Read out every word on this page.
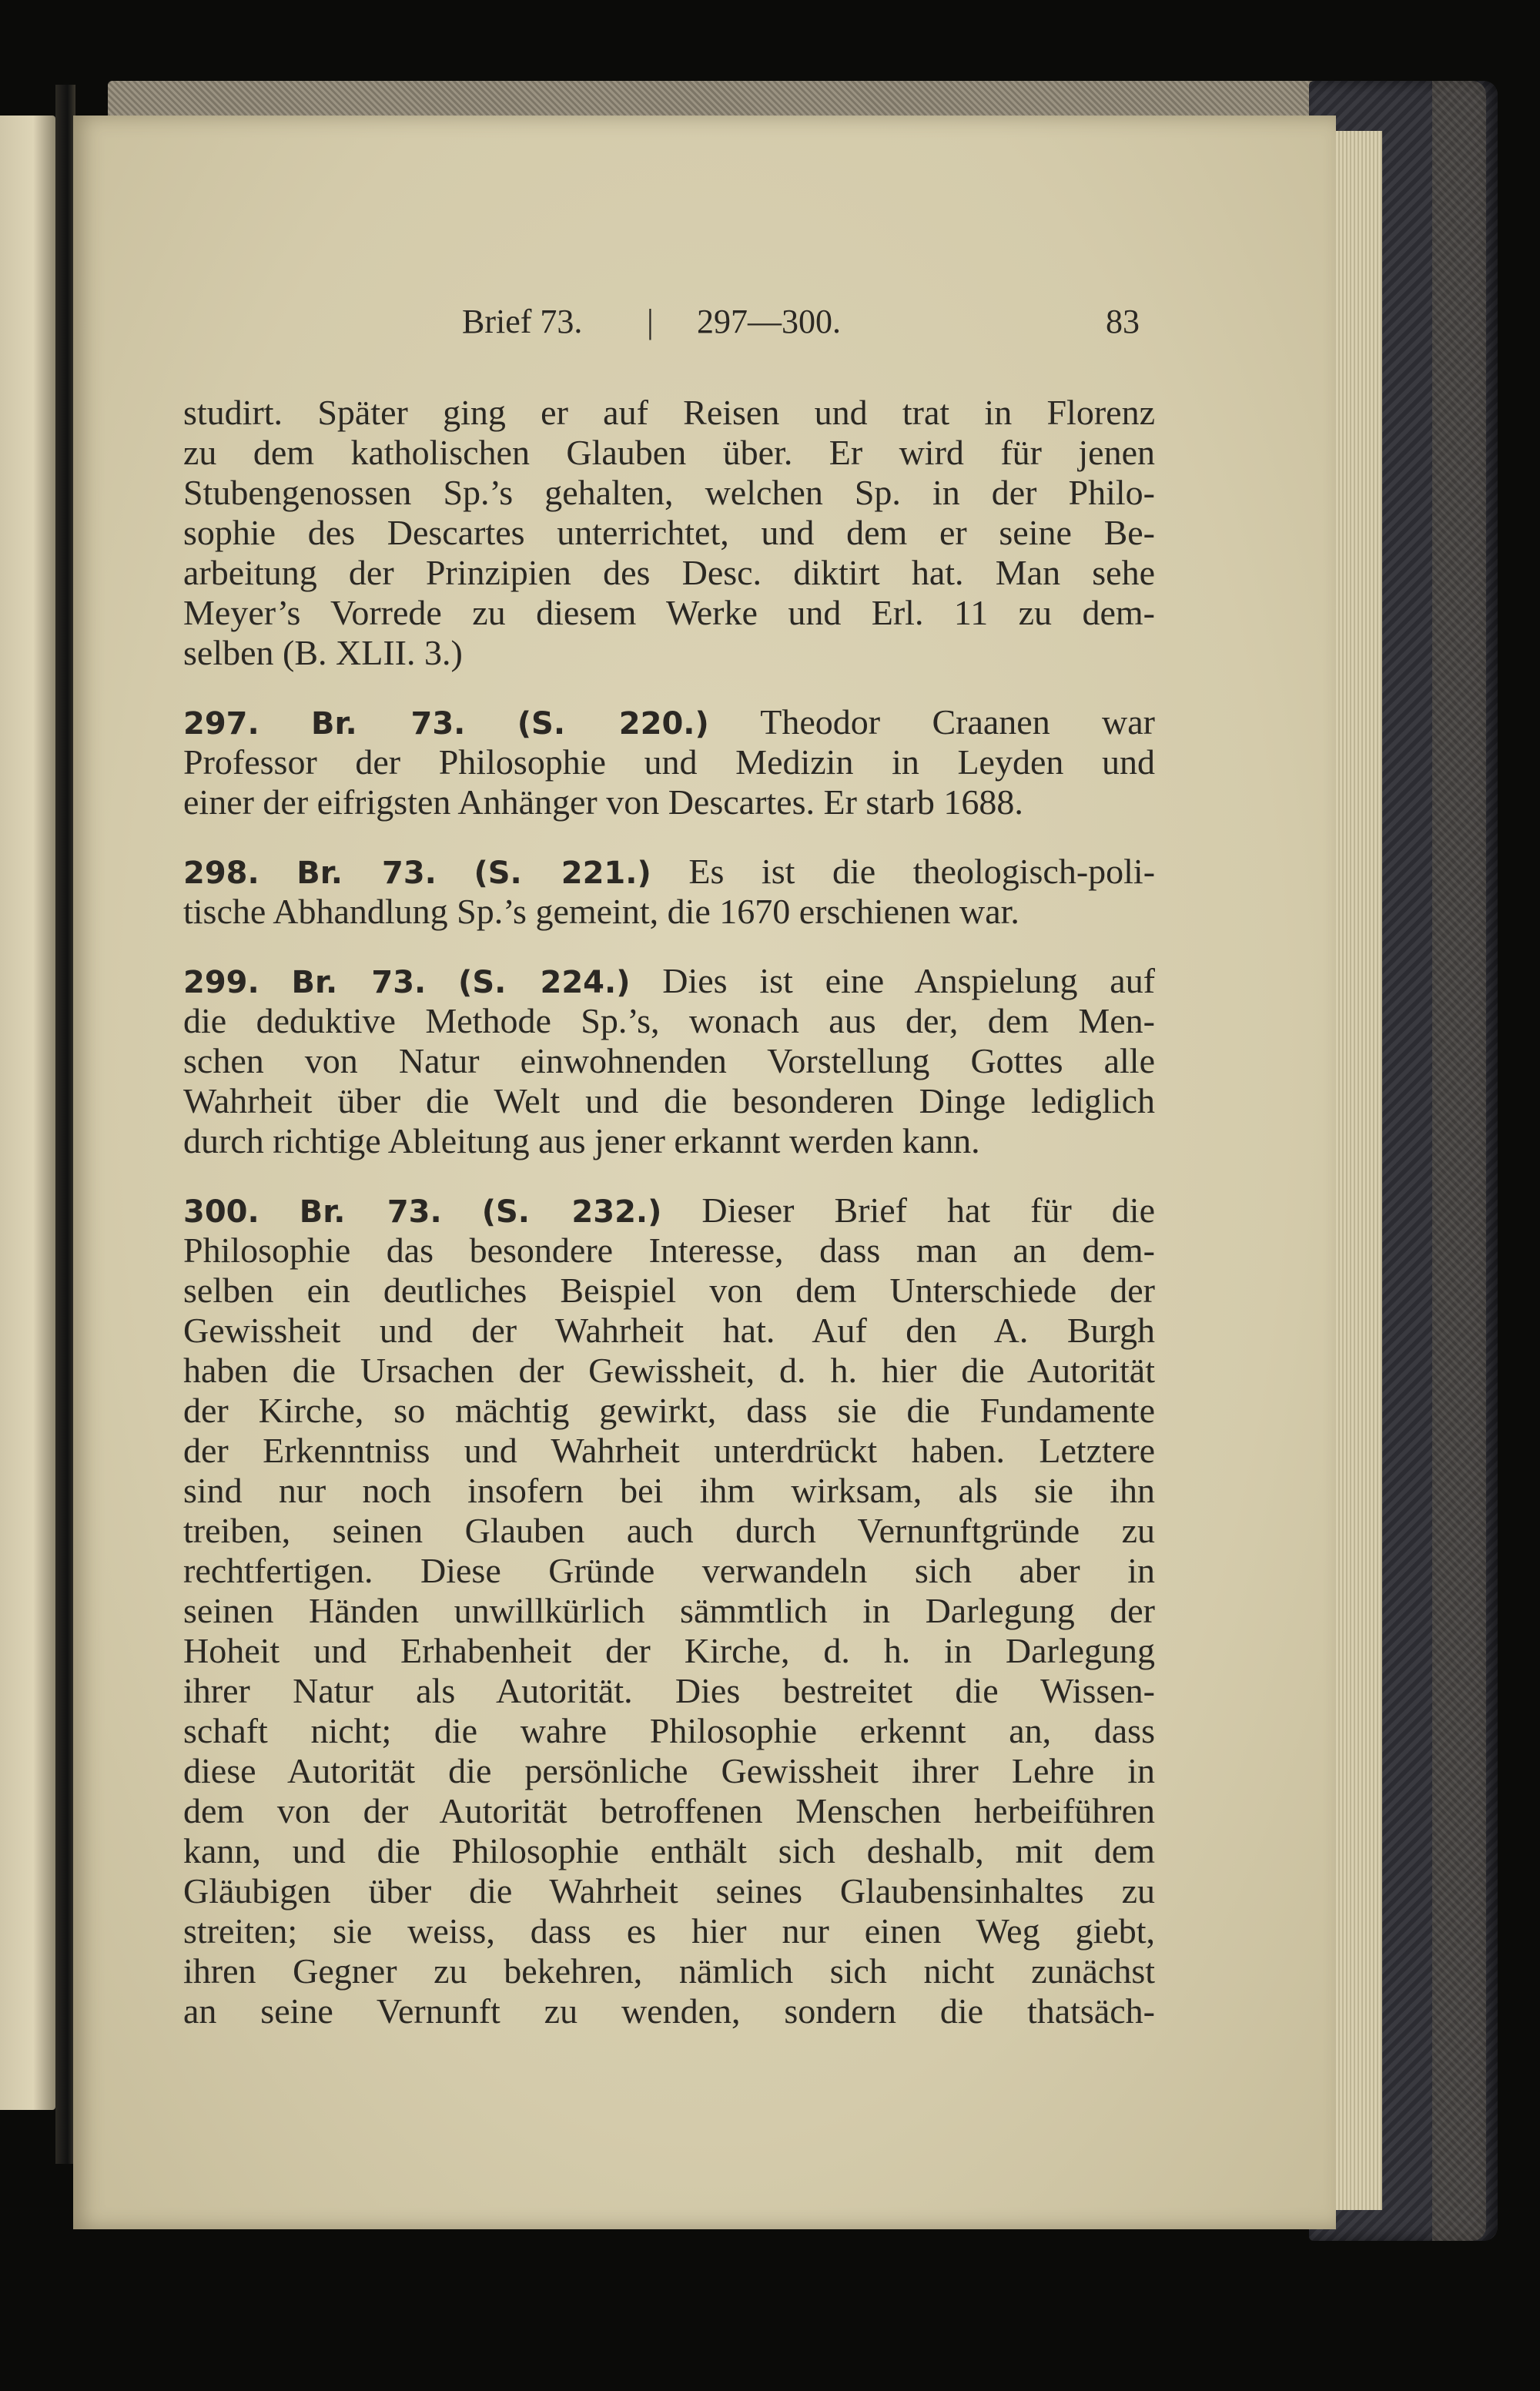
Brief 73. | 297—300.	83
studirt. Später ging er auf Reisen und trat in Florenz
zu dem katholischen Glauben über. Er wird für jenen
Stubengenossen Sp.’s gehalten, welchen Sp. in der Philo-
sophie des Descartes unterrichtet, und dem er seine Be-
arbeitung der Prinzipien des Desc. diktirt hat. Man sehe
Meyer’s Vorrede zu diesem Werke und Erl. 11 zu dem-
selben (B. XLII. 3.)
297. Br. 73. (S. 220.) Theodor Craanen war
Professor der Philosophie und Medizin in Leyden und
einer der eifrigsten Anhänger von Descartes. Er starb 1688.
298. Br. 73. (S. 221.) Es ist die theologisch-poli-
tische Abhandlung Sp.’s gemeint, die 1670 erschienen war.
299. Br. 73. (S. 224.) Dies ist eine Anspielung auf
die deduktive Methode Sp.’s, wonach aus der, dem Men-
schen von Natur einwohnenden Vorstellung Gottes alle
Wahrheit über die Welt und die besonderen Dinge lediglich
durch richtige Ableitung aus jener erkannt werden kann.
300. Br. 73. (S. 232.) Dieser Brief hat für die
Philosophie das besondere Interesse, dass man an dem-
selben ein deutliches Beispiel von dem Unterschiede der
Gewissheit und der Wahrheit hat. Auf den A. Burgh
haben die Ursachen der Gewissheit, d. h. hier die Autorität
der Kirche, so mächtig gewirkt, dass sie die Fundamente
der Erkenntniss und Wahrheit unterdrückt haben. Letztere
sind nur noch insofern bei ihm wirksam, als sie ihn
treiben, seinen Glauben auch durch Vernunftgründe zu
rechtfertigen. Diese Gründe verwandeln sich aber in
seinen Händen unwillkürlich sämmtlich in Darlegung der
Hoheit und Erhabenheit der Kirche, d. h. in Darlegung
ihrer Natur als Autorität. Dies bestreitet die Wissen-
schaft nicht; die wahre Philosophie erkennt an, dass
diese Autorität die persönliche Gewissheit ihrer Lehre in
dem von der Autorität betroffenen Menschen herbeiführen
kann, und die Philosophie enthält sich deshalb, mit dem
Gläubigen über die Wahrheit seines Glaubensinhaltes zu
streiten; sie weiss, dass es hier nur einen Weg giebt,
ihren Gegner zu bekehren, nämlich sich nicht zunächst
an seine Vernunft zu wenden, sondern die thatsäch-
